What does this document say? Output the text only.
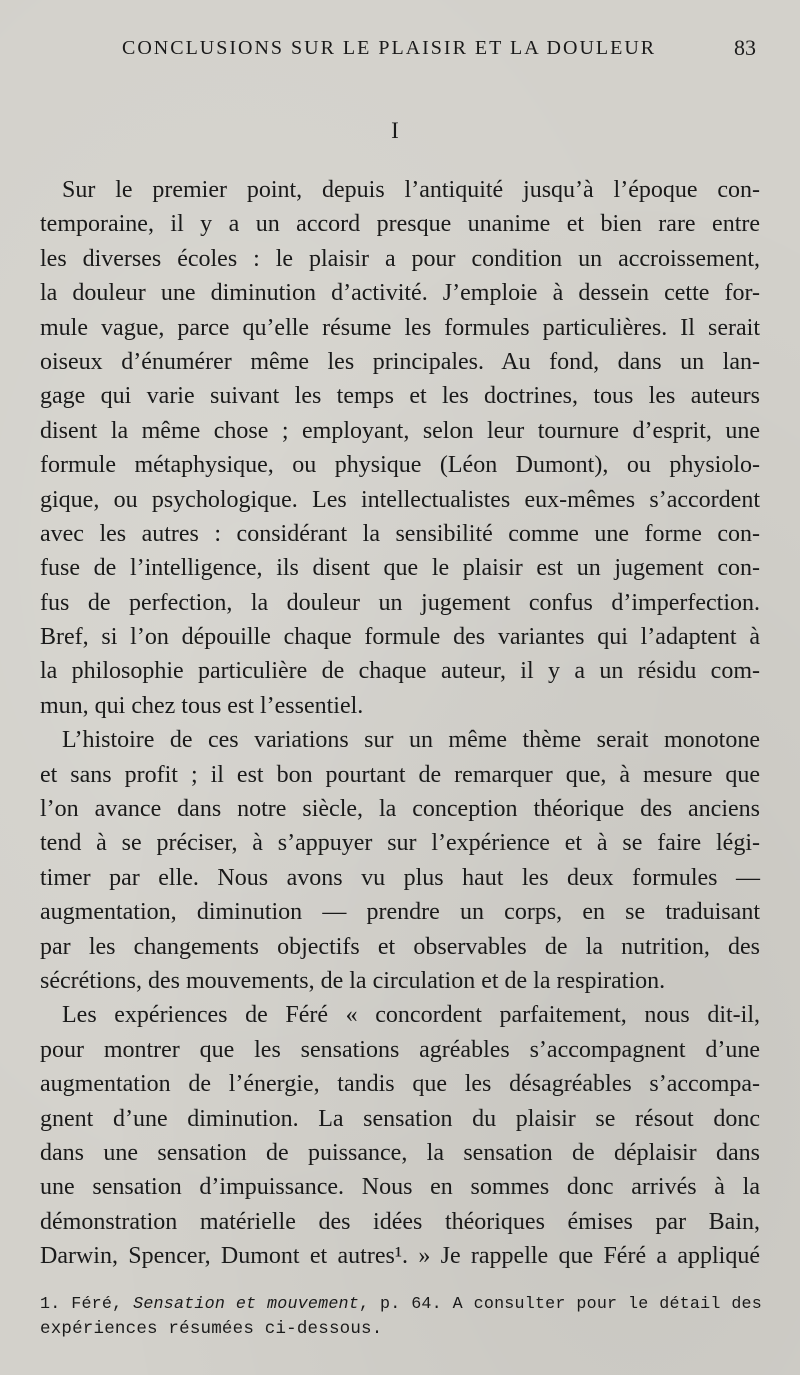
CONCLUSIONS SUR LE PLAISIR ET LA DOULEUR	83
I
Sur le premier point, depuis l’antiquité jusqu’à l’époque con-
temporaine, il y a un accord presque unanime et bien rare entre
les diverses écoles : le plaisir a pour condition un accroissement,
la douleur une diminution d’activité. J’emploie à dessein cette for-
mule vague, parce qu’elle résume les formules particulières. Il serait
oiseux d’énumérer même les principales. Au fond, dans un lan-
gage qui varie suivant les temps et les doctrines, tous les auteurs
disent la même chose ; employant, selon leur tournure d’esprit, une
formule métaphysique, ou physique (Léon Dumont), ou physiolo-
gique, ou psychologique. Les intellectualistes eux-mêmes s’accordent
avec les autres : considérant la sensibilité comme une forme con-
fuse de l’intelligence, ils disent que le plaisir est un jugement con-
fus de perfection, la douleur un jugement confus d’imperfection.
Bref, si l’on dépouille chaque formule des variantes qui l’adaptent à
la philosophie particulière de chaque auteur, il y a un résidu com-
mun, qui chez tous est l’essentiel.
L’histoire de ces variations sur un même thème serait monotone
et sans profit ; il est bon pourtant de remarquer que, à mesure que
l’on avance dans notre siècle, la conception théorique des anciens
tend à se préciser, à s’appuyer sur l’expérience et à se faire légi-
timer par elle. Nous avons vu plus haut les deux formules —
augmentation, diminution — prendre un corps, en se traduisant
par les changements objectifs et observables de la nutrition, des
sécrétions, des mouvements, de la circulation et de la respiration.
Les expériences de Féré « concordent parfaitement, nous dit-il,
pour montrer que les sensations agréables s’accompagnent d’une
augmentation de l’énergie, tandis que les désagréables s’accompa-
gnent d’une diminution. La sensation du plaisir se résout donc
dans une sensation de puissance, la sensation de déplaisir dans
une sensation d’impuissance. Nous en sommes donc arrivés à la
démonstration matérielle des idées théoriques émises par Bain,
Darwin, Spencer, Dumont et autres¹. » Je rappelle que Féré a appliqué
1. Féré, Sensation et mouvement, p. 64. A consulter pour le détail des
expériences résumées ci-dessous.
